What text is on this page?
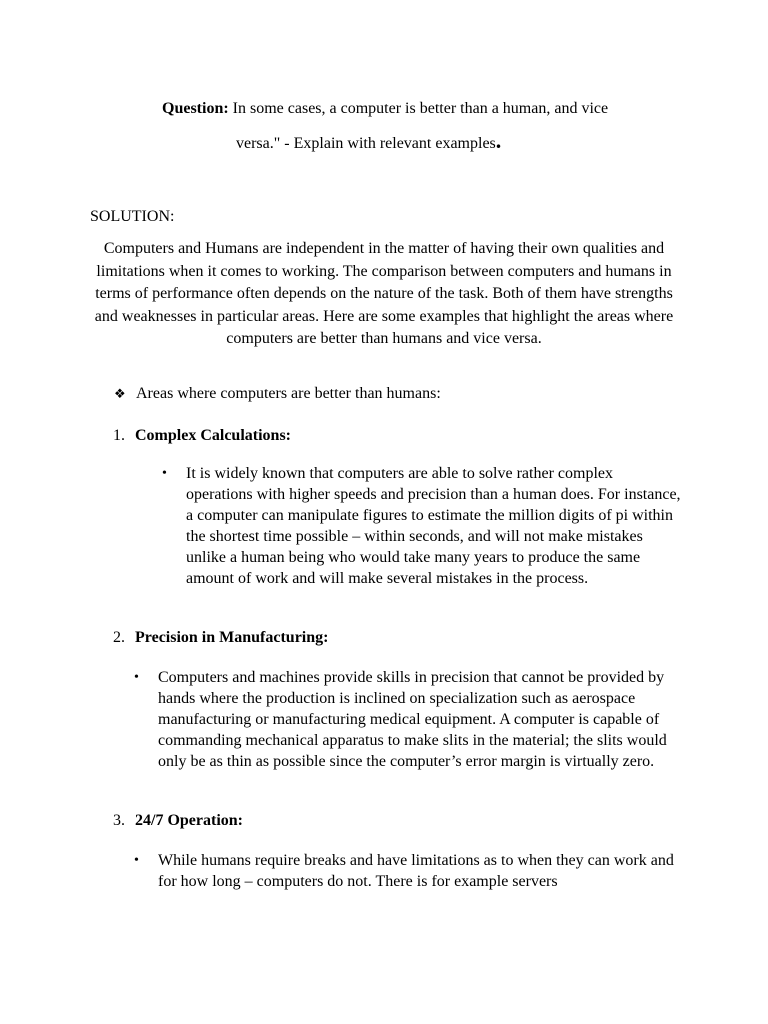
Question: In some cases, a computer is better than a human, and vice
versa." - Explain with relevant examples.
SOLUTION:
Computers and Humans are independent in the matter of having their own qualities and limitations when it comes to working. The comparison between computers and humans in terms of performance often depends on the nature of the task. Both of them have strengths and weaknesses in particular areas. Here are some examples that highlight the areas where computers are better than humans and vice versa.
❖ Areas where computers are better than humans:
1. Complex Calculations:
• It is widely known that computers are able to solve rather complex operations with higher speeds and precision than a human does. For instance, a computer can manipulate figures to estimate the million digits of pi within the shortest time possible – within seconds, and will not make mistakes unlike a human being who would take many years to produce the same amount of work and will make several mistakes in the process.
2. Precision in Manufacturing:
• Computers and machines provide skills in precision that cannot be provided by hands where the production is inclined on specialization such as aerospace manufacturing or manufacturing medical equipment. A computer is capable of commanding mechanical apparatus to make slits in the material; the slits would only be as thin as possible since the computer’s error margin is virtually zero.
3. 24/7 Operation:
• While humans require breaks and have limitations as to when they can work and for how long – computers do not. There is for example servers
